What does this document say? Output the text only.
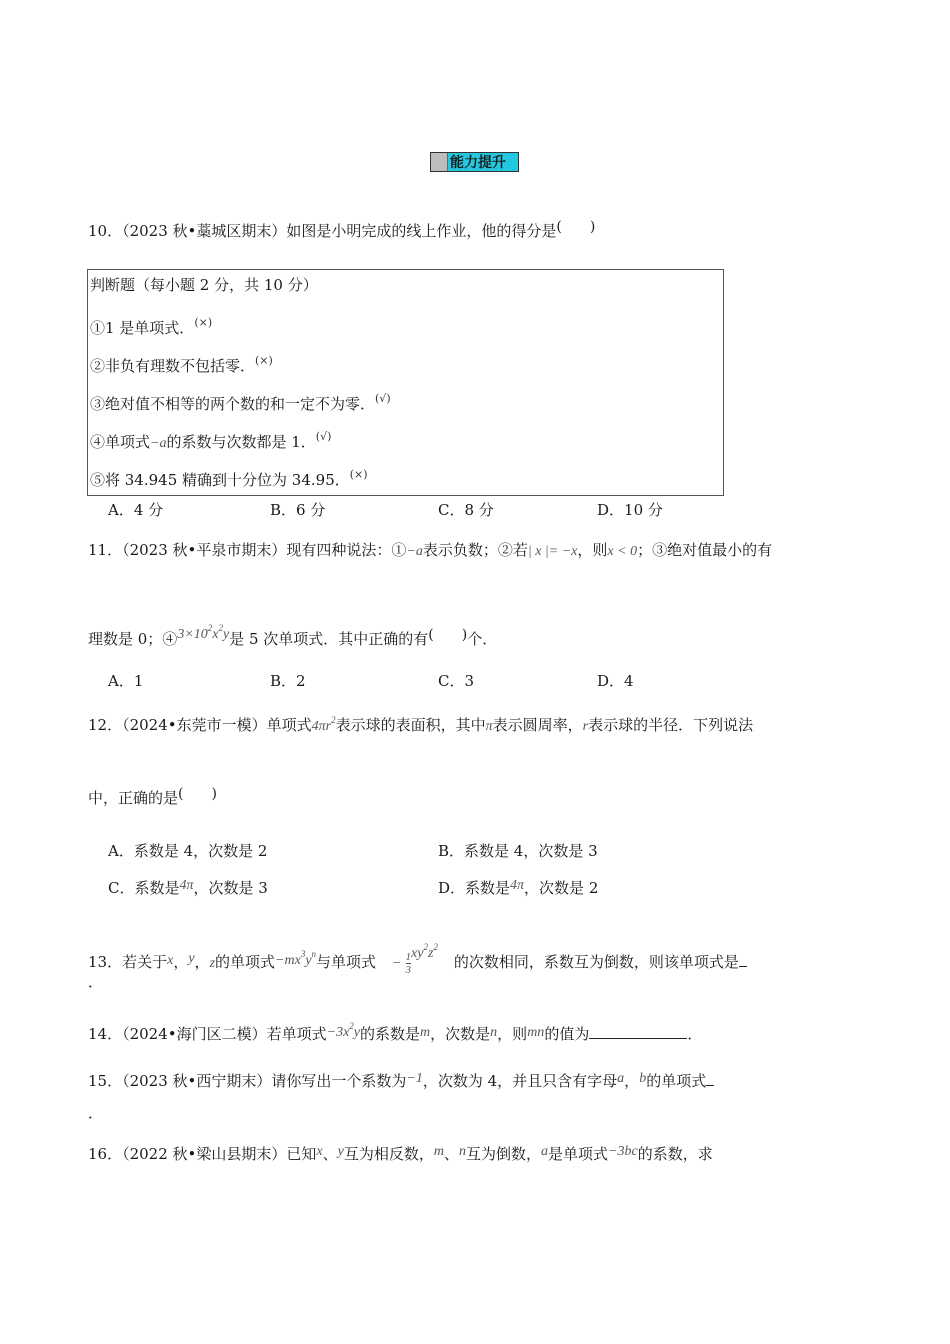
能力提升
10．（2023 秋•藁城区期末）如图是小明完成的线上作业，他的得分是(　　)
判断题（每小题 2 分，共 10 分）
①1 是单项式．(×)
②非负有理数不包括零．(×)
③绝对值不相等的两个数的和一定不为零．(√)
④单项式−a的系数与次数都是 1．(√)
⑤将 34.945 精确到十分位为 34.95．(×)
A．4 分	B．6 分	C．8 分	D．10 分
11．（2023 秋•平泉市期末）现有四种说法：①−a表示负数；②若| x |= −x，则x < 0；③绝对值最小的有
理数是 0；$④3\times 10^2x^2y$是 5 次单项式．其中正确的有(　　)个．
A．1	B．2	C．3	D．4
12．（2024•东莞市一模）单项式$4\pi r^2$表示球的表面积，其中π表示圆周率，r表示球的半径．下列说法
中，正确的是(　　)
A．系数是 4，次数是 2	B．系数是 4，次数是 3
C．系数是4π，次数是 3	D．系数是4π，次数是 2
13．若关于x，y，z的单项式$-mx^3y^n$与单项式 − $\frac{1}{3} xy^2z^2$的次数相同，系数互为倒数，则该单项式是
．
14．（2024•海门区二模）若单项式$-3x^2y$的系数是m，次数是n，则mn的值为	．
15．（2023 秋•西宁期末）请你写出一个系数为−1，次数为 4，并且只含有字母a，b的单项式
．
16．（2022 秋•梁山县期末）已知x、y互为相反数，m、n互为倒数，a是单项式−3bc的系数，求
